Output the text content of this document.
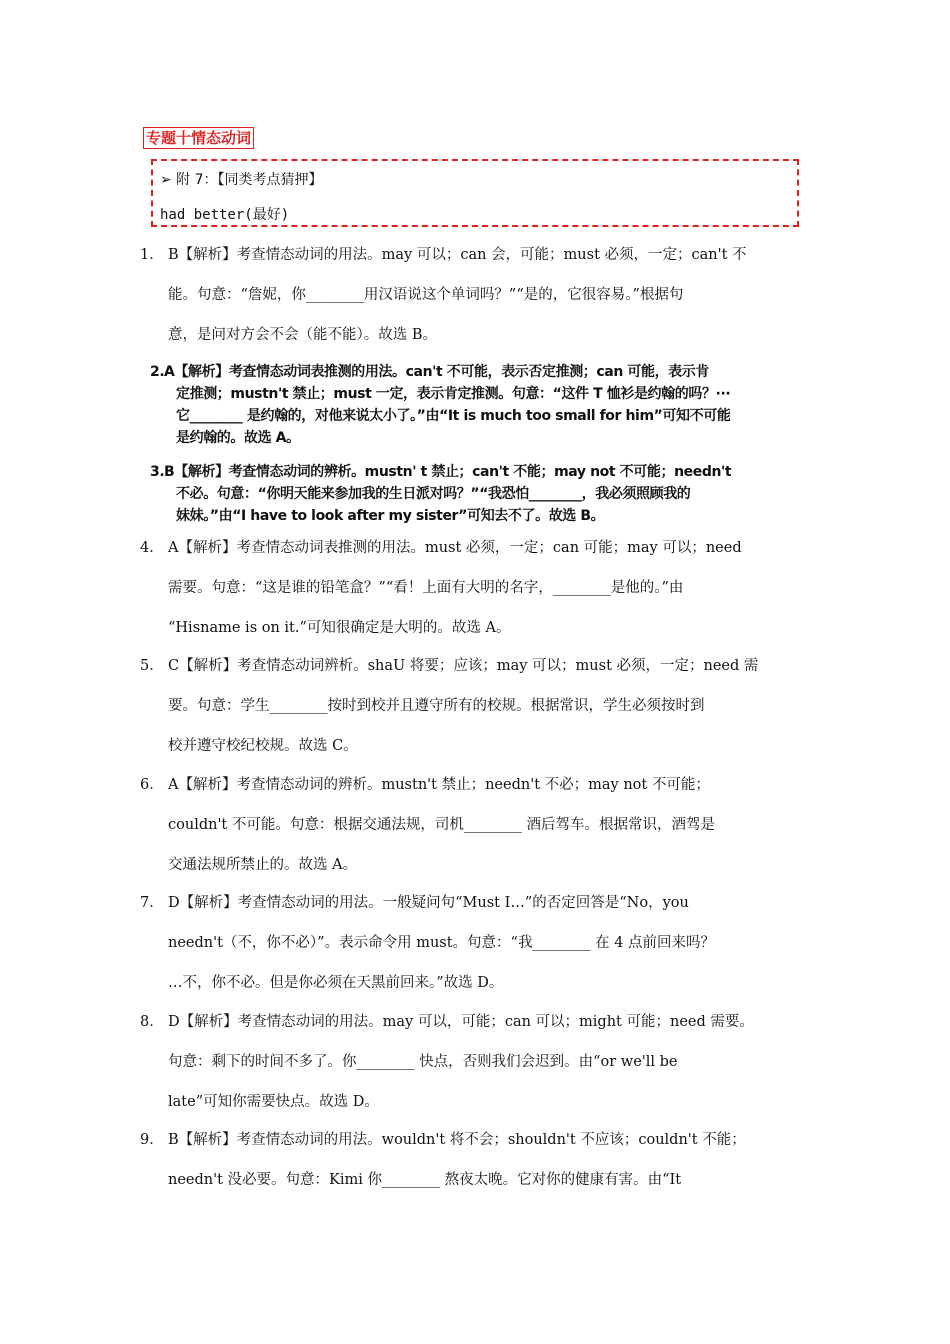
专题十情态动词
➢ 附 7：【同类考点猜押】
had better(最好)
1． B【解析】考查情态动词的用法。may 可以；can 会，可能；must 必须，一定；can't 不
能。句意：“詹妮，你________用汉语说这个单词吗？”“是的，它很容易。”根据句
意，是问对方会不会（能不能）。故选 B。
2.A【解析】考查情态动词表推测的用法。can't 不可能，表示否定推测；can 可能，表示肯
定推测；mustn't 禁止；must 一定，表示肯定推测。句意：“这件 T 恤衫是约翰的吗？···
它________ 是约翰的，对他来说太小了。”由“It is much too small for him”可知不可能
是约翰的。故选 A。
3.B【解析】考查情态动词的辨析。mustn' t 禁止；can't 不能；may not 不可能；needn't
不必。句意：“你明天能来参加我的生日派对吗？”“我恐怕________，我必须照顾我的
妹妹。”由“I have to look after my sister”可知去不了。故选 B。
4． A【解析】考查情态动词表推测的用法。must 必须，一定；can 可能；may 可以；need
需要。句意：“这是谁的铅笔盒？”“看！上面有大明的名字，________是他的。”由
“Hisname is on it.”可知很确定是大明的。故选 A。
5． C【解析】考查情态动词辨析。shaU 将要；应该；may 可以；must 必须，一定；need 需
要。句意：学生________按时到校并且遵守所有的校规。根据常识，学生必须按时到
校并遵守校纪校规。故选 C。
6． A【解析】考查情态动词的辨析。mustn't 禁止；needn't 不必；may not 不可能；
couldn't 不可能。句意：根据交通法规，司机________ 酒后驾车。根据常识，酒驾是
交通法规所禁止的。故选 A。
7． D【解析】考查情态动词的用法。一般疑问句“Must I…”的否定回答是“No，you
needn't（不，你不必）”。表示命令用 must。句意：“我________ 在 4 点前回来吗？
…不，你不必。但是你必须在天黑前回来。”故选 D。
8． D【解析】考查情态动词的用法。may 可以，可能；can 可以；might 可能；need 需要。
句意：剩下的时间不多了。你________ 快点，否则我们会迟到。由“or we'll be
late”可知你需要快点。故选 D。
9． B【解析】考查情态动词的用法。wouldn't 将不会；shouldn't 不应该；couldn't 不能；
needn't 没必要。句意：Kimi 你________ 熬夜太晚。它对你的健康有害。由“It
